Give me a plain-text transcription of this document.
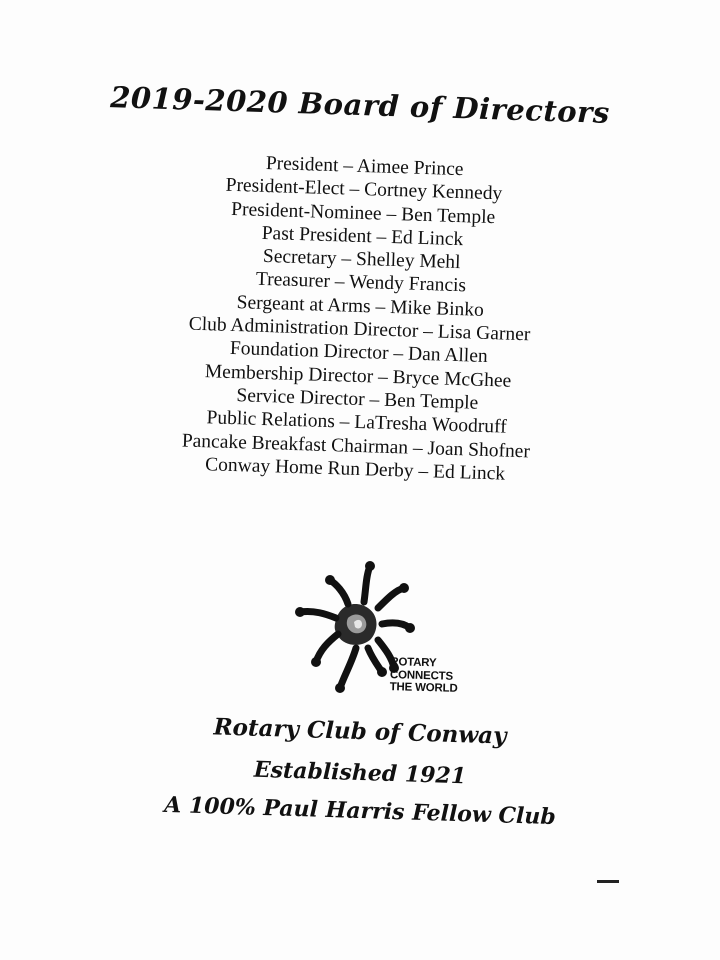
2019-2020 Board of Directors
President – Aimee Prince
President-Elect – Cortney Kennedy
President-Nominee – Ben Temple
Past President – Ed Linck
Secretary – Shelley Mehl
Treasurer – Wendy Francis
Sergeant at Arms – Mike Binko
Club Administration Director – Lisa Garner
Foundation Director – Dan Allen
Membership Director – Bryce McGhee
Service Director – Ben Temple
Public Relations – LaTresha Woodruff
Pancake Breakfast Chairman – Joan Shofner
Conway Home Run Derby – Ed Linck
ROTARY
CONNECTS
THE WORLD
Rotary Club of Conway
Established 1921
A 100% Paul Harris Fellow Club
